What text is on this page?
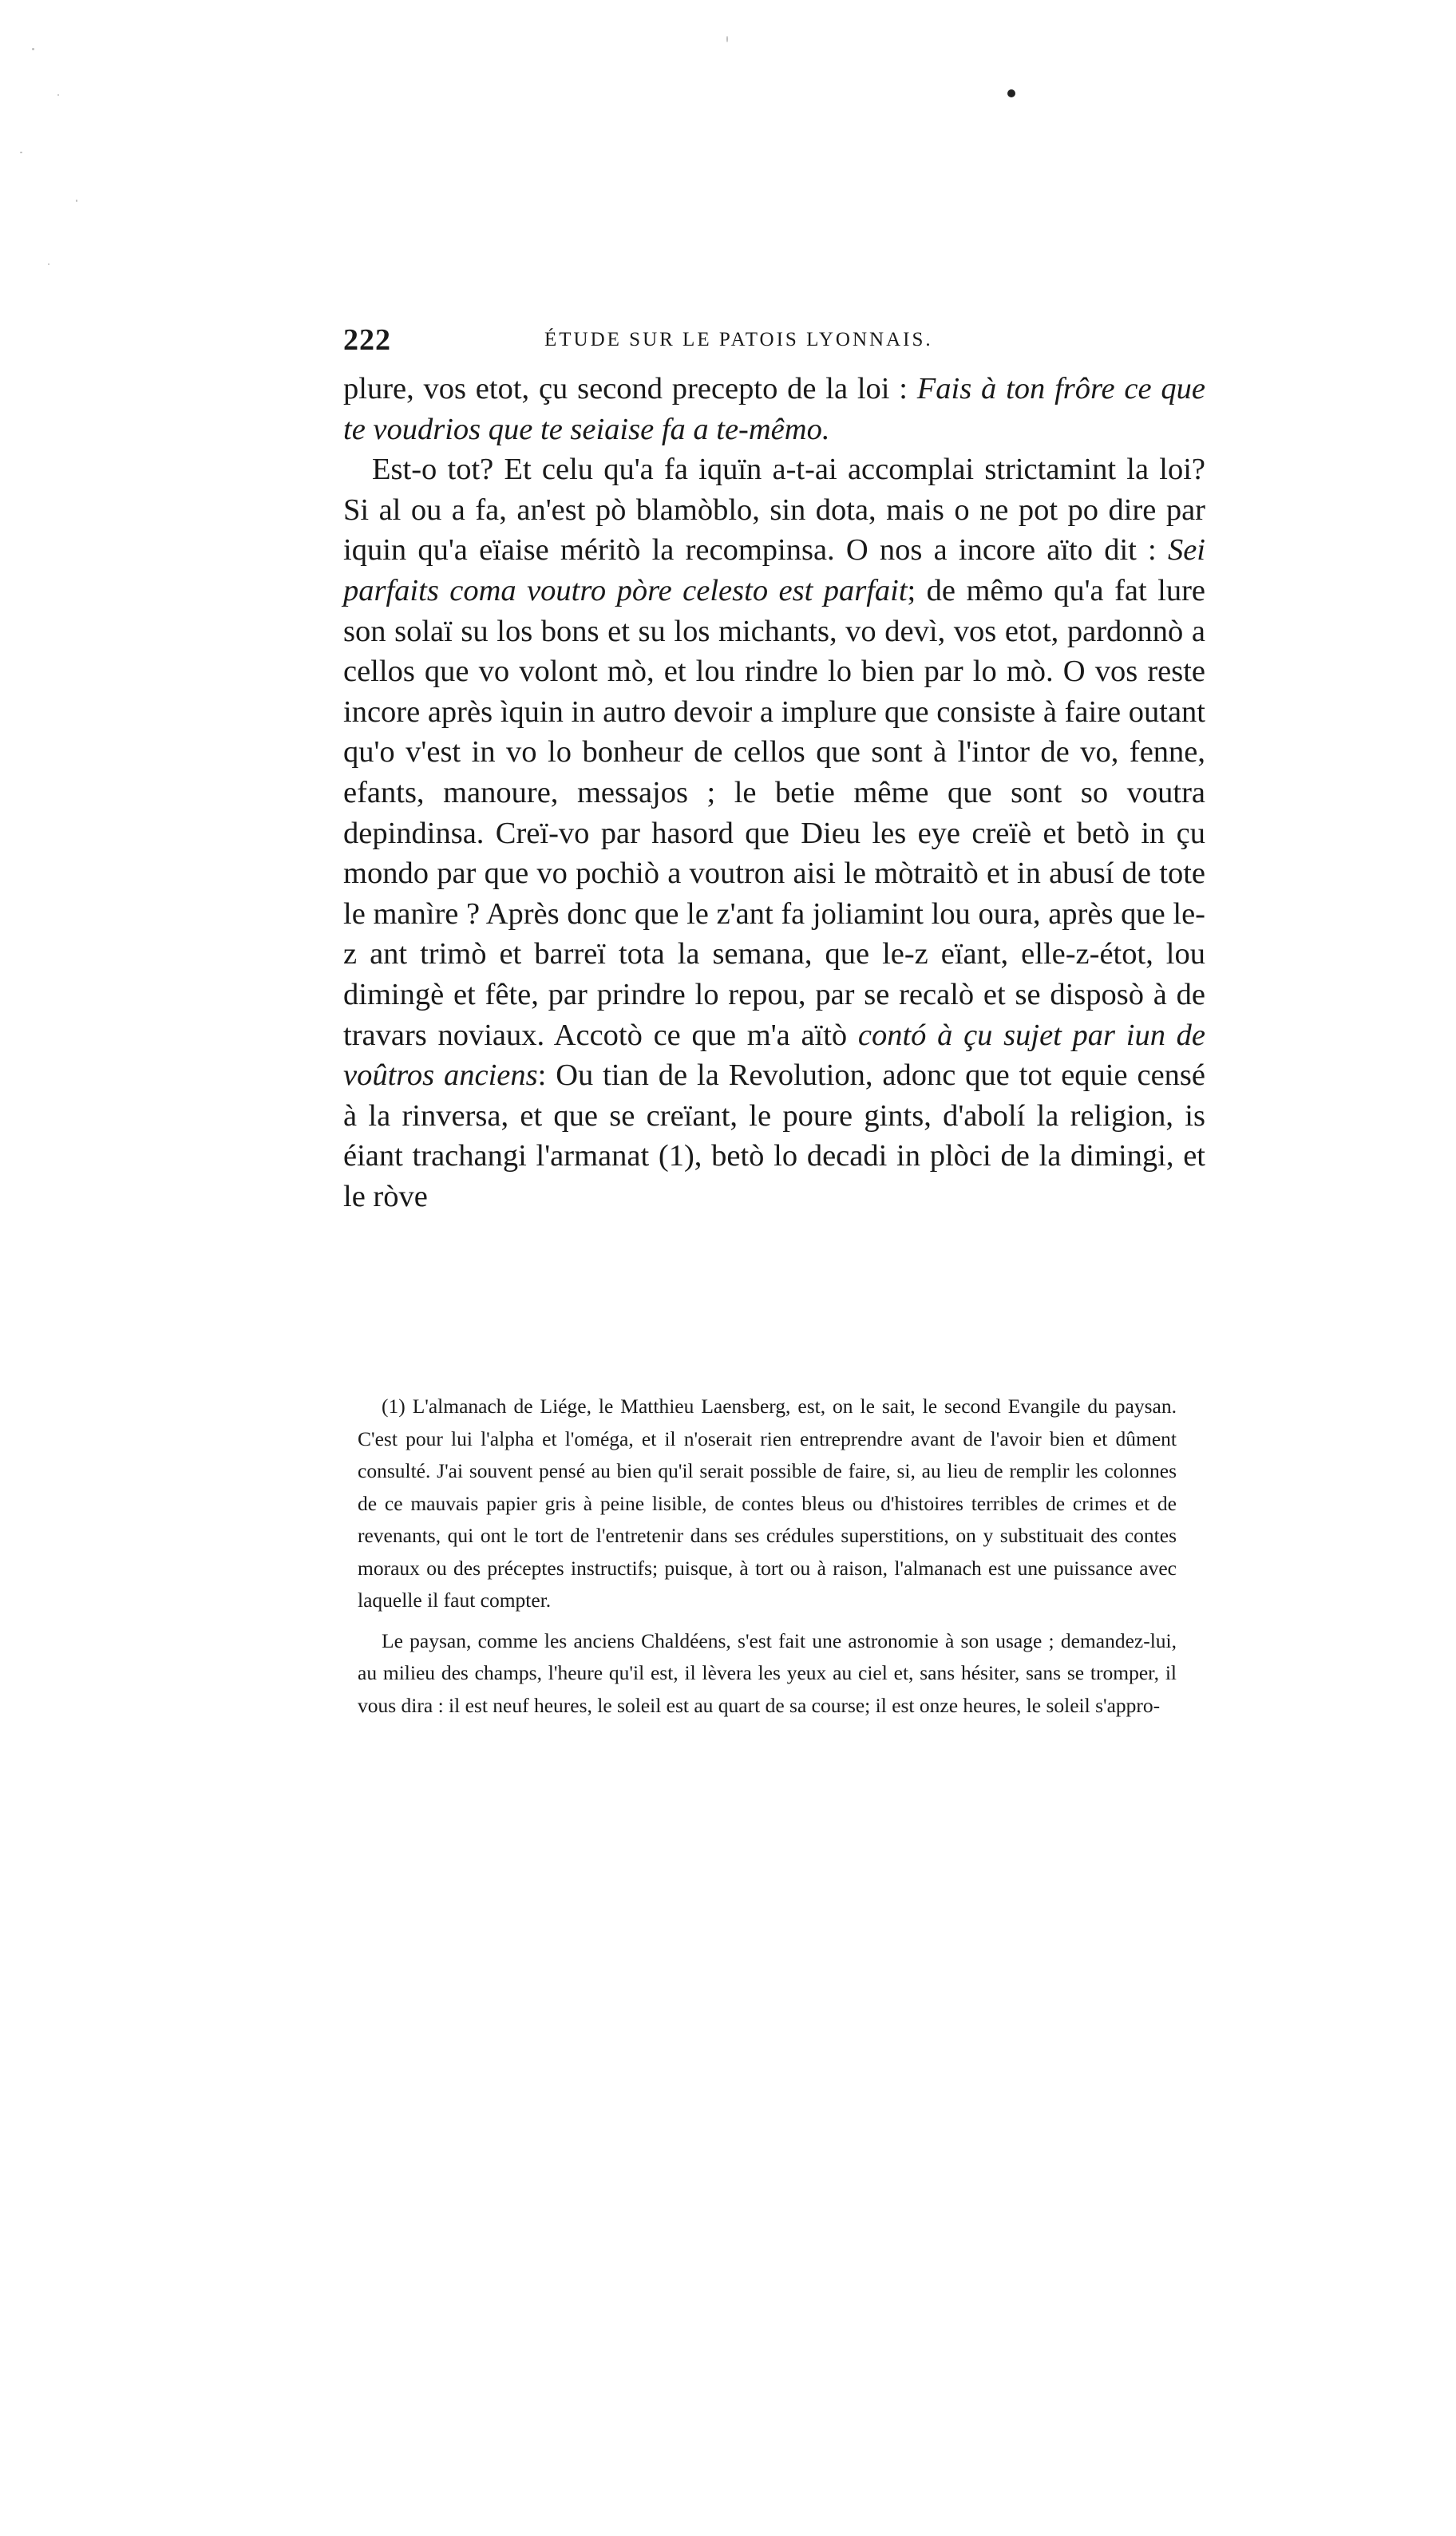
222	ÉTUDE SUR LE PATOIS LYONNAIS.

plure, vos etot, çu second precepto de la loi : Fais à ton frôre ce que te voudrios que te seiaise fa a te-mêmo.

Est-o tot? Et celu qu'a fa iquïn a-t-ai accomplai strictamint la loi? Si al ou a fa, an'est pò blamòblo, sin dota, mais o ne pot po dire par iquin qu'a eïaise méritò la recompinsa. O nos a incore aïto dit : Sei parfaits coma voutro pòre celesto est parfait; de mêmo qu'a fat lure son solaï su los bons et su los michants, vo devì, vos etot, pardonnò a cellos que vo volont mò, et lou rindre lo bien par lo mò. O vos reste incore après ìquin in autro devoir a implure que consiste à faire outant qu'o v'est in vo lo bonheur de cellos que sont à l'intor de vo, fenne, efants, manoure, messajos ; le betie même que sont so voutra depindinsa. Creï-vo par hasord que Dieu les eye creïè et betò in çu mondo par que vo pochiò a voutron aisi le mòtraitò et in abusí de tote le manìre ? Après donc que le z'ant fa joliamint lou oura, après que le-z ant trimò et barreï tota la semana, que le-z eïant, elle-z-étot, lou dimingè et fête, par prindre lo repou, par se recalò et se disposò à de travars noviaux. Accotò ce que m'a aïtò contó à çu sujet par iun de voûtros anciens: Ou tian de la Revolution, adonc que tot equie censé à la rinversa, et que se creïant, le poure gints, d'abolí la religion, is éiant trachangi l'armanat (1), betò lo decadi in plòci de la dimingi, et le ròve

(1) L'almanach de Liége, le Matthieu Laensberg, est, on le sait, le second Evangile du paysan. C'est pour lui l'alpha et l'oméga, et il n'oserait rien entreprendre avant de l'avoir bien et dûment consulté. J'ai souvent pensé au bien qu'il serait possible de faire, si, au lieu de remplir les colonnes de ce mauvais papier gris à peine lisible, de contes bleus ou d'histoires terribles de crimes et de revenants, qui ont le tort de l'entretenir dans ses crédules superstitions, on y substituait des contes moraux ou des préceptes instructifs; puisque, à tort ou à raison, l'almanach est une puissance avec laquelle il faut compter.

Le paysan, comme les anciens Chaldéens, s'est fait une astronomie à son usage ; demandez-lui, au milieu des champs, l'heure qu'il est, il lèvera les yeux au ciel et, sans hésiter, sans se tromper, il vous dira : il est neuf heures, le soleil est au quart de sa course; il est onze heures, le soleil s'appro-
